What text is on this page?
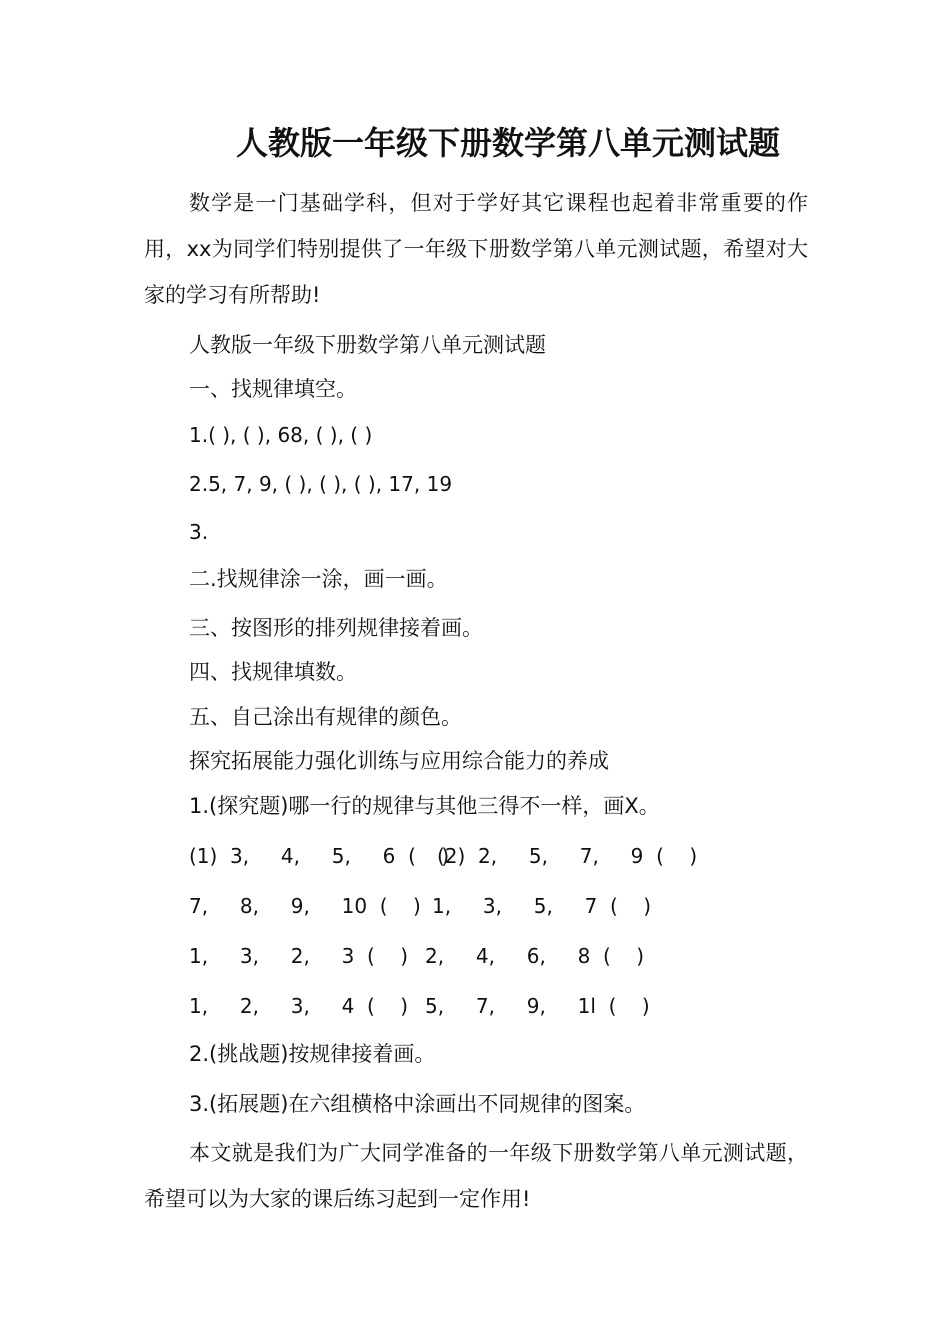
人教版一年级下册数学第八单元测试题
数学是一门基础学科，但对于学好其它课程也起着非常重要的作用，xx为同学们特别提供了一年级下册数学第八单元测试题，希望对大家的学习有所帮助!
人教版一年级下册数学第八单元测试题
一、找规律填空。
1.( ), ( ), 68, ( ), ( )
2.5, 7, 9, ( ), ( ), ( ), 17, 19
3.
二.找规律涂一涂，画一画。
三、按图形的排列规律接着画。
四、找规律填数。
五、自己涂出有规律的颜色。
探究拓展能力强化训练与应用综合能力的养成
1.(探究题)哪一行的规律与其他三得不一样，画X。
(1)  3,     4,     5,     6  (    )
(2)  2,     5,     7,     9  (    )
7,     8,     9,     10  (    ) 1,     3,     5,     7  (    )
1,     3,     2,     3  (    ) 2,     4,     6,     8  (    )
1,     2,     3,     4  (    ) 5,     7,     9,     1l  (    )
2.(挑战题)按规律接着画。
3.(拓展题)在六组横格中涂画出不同规律的图案。
本文就是我们为广大同学准备的一年级下册数学第八单元测试题，希望可以为大家的课后练习起到一定作用!
